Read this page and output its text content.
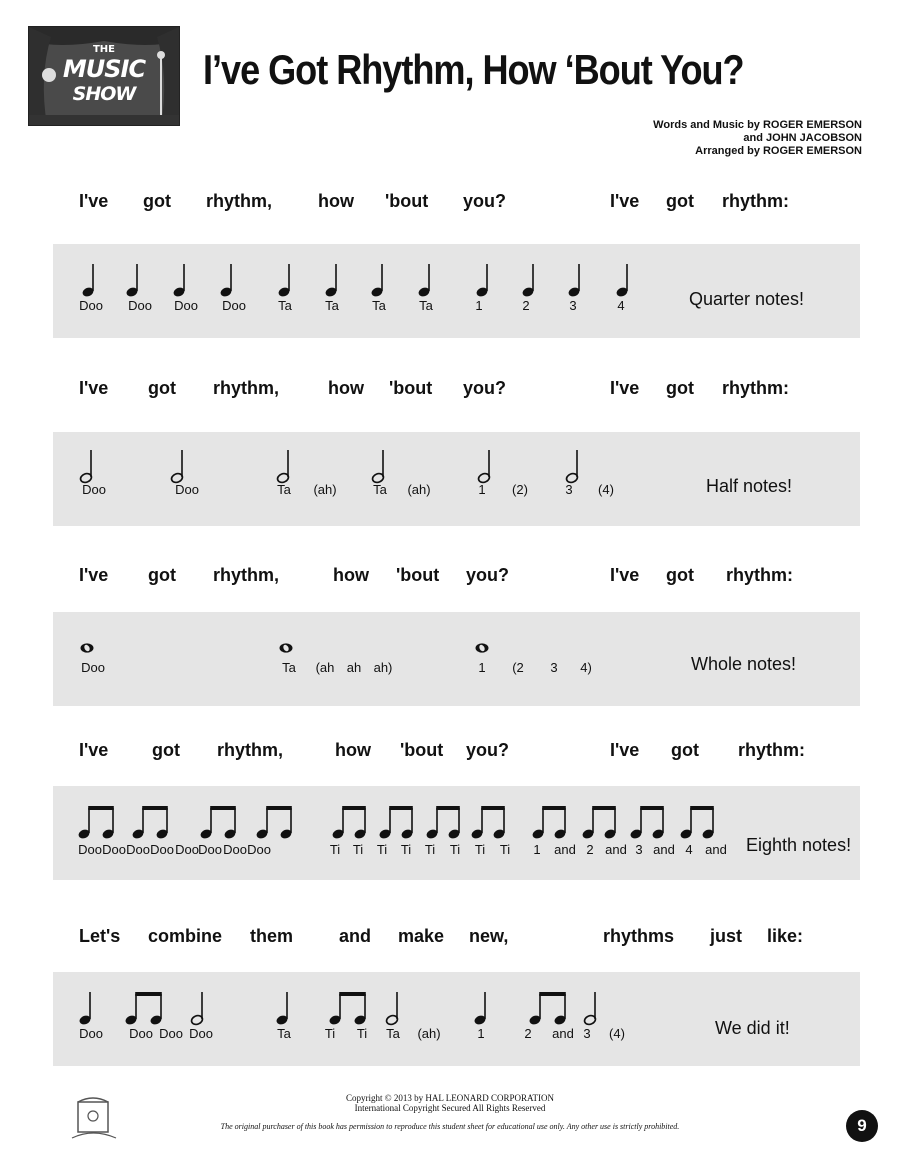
THE
MUSIC
SHOW
I’ve Got Rhythm, How ‘Bout You?
Words and Music by ROGER EMERSON
and JOHN JACOBSON
Arranged by ROGER EMERSON
I've got rhythm,	how 'bout you?	I've got rhythm:
I've got rhythm,	how 'bout you?	I've got rhythm:
I've got rhythm,	how 'bout you?	I've got rhythm:
I've got rhythm,	how 'bout you?	I've got rhythm:
Let's combine them	and make new,	rhythms just like:
Doo Doo Doo Doo Ta	Ta	Ta	Ta	1	2	3	4	Quarter notes!
Doo	Doo	Ta (ah)	Ta (ah)	1 (2)	3 (4)	Half notes!
Doo	Ta (ah ah ah)	1 (2 3 4)	Whole notes!
Doo Doo Doo Doo Doo Doo Doo Doo	Ti Ti Ti Ti Ti Ti Ti Ti 1 and 2 and 3 and 4 and Eighth notes!
Doo Doo Doo Doo	Ta	Ti Ti Ta (ah)	1	2 and 3 (4)	We did it!
Copyright © 2013 by HAL LEONARD CORPORATION
International Copyright Secured All Rights Reserved
The original purchaser of this book has permission to reproduce this student sheet for educational use only. Any other use is strictly prohibited.	9
